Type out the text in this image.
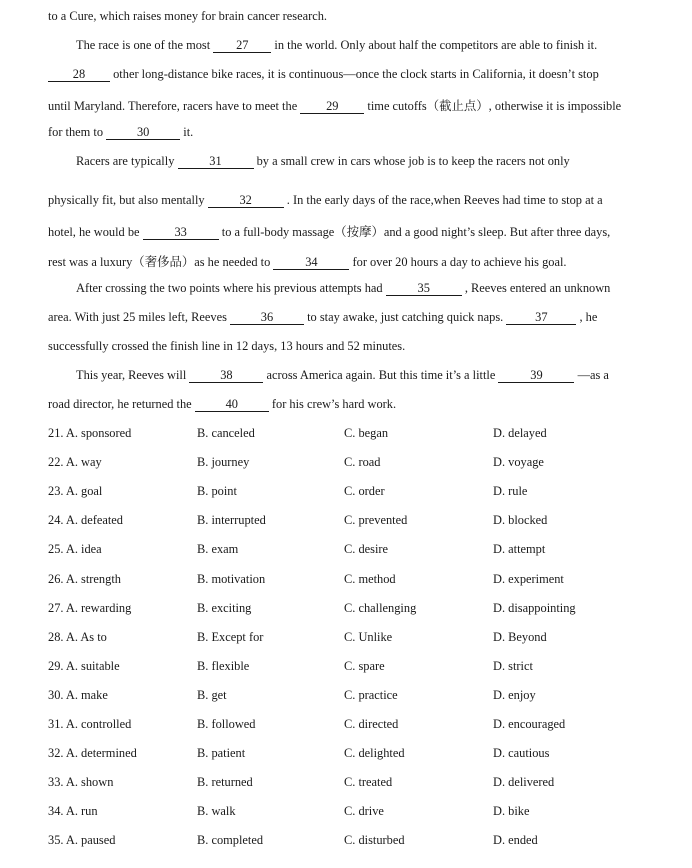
to a Cure, which raises money for brain cancer research.
The race is one of the most 27 in the world. Only about half the competitors are able to finish it.
28 other long-distance bike races, it is continuous—once the clock starts in California, it doesn’t stop
until Maryland. Therefore, racers have to meet the 29 time cutoffs（截止点）, otherwise it is impossible
for them to	30	it.
Racers are typically	31	by a small crew in cars whose job is to keep the racers not only
physically fit, but also mentally	32	. In the early days of the race,when Reeves had time to stop at a
hotel, he would be	33	to a full-body massage（按摩）and a good night’s sleep. But after three days,
rest was a luxury（奢侈品）as he needed to	34	for over 20 hours a day to achieve his goal.
After crossing the two points where his previous attempts had	35	, Reeves entered an unknown
area. With just 25 miles left, Reeves	36	to stay awake, just catching quick naps.	37	, he
successfully crossed the finish line in 12 days, 13 hours and 52 minutes.
This year, Reeves will	38	across America again. But this time it’s a little	39	—as a
road director, he returned the	40	for his crew’s hard work.
21. A. sponsored	B. canceled	C. began	D. delayed
22. A. way	B. journey	C. road	D. voyage
23. A. goal	B. point	C. order	D. rule
24. A. defeated	B. interrupted	C. prevented	D. blocked
25. A. idea	B. exam	C. desire	D. attempt
26. A. strength	B. motivation	C. method	D. experiment
27. A. rewarding	B. exciting	C. challenging	D. disappointing
28. A. As to	B. Except for	C. Unlike	D. Beyond
29. A. suitable	B. flexible	C. spare	D. strict
30. A. make	B. get	C. practice	D. enjoy
31. A. controlled	B. followed	C. directed	D. encouraged
32. A. determined	B. patient	C. delighted	D. cautious
33. A. shown	B. returned	C. treated	D. delivered
34. A. run	B. walk	C. drive	D. bike
35. A. paused	B. completed	C. disturbed	D. ended
